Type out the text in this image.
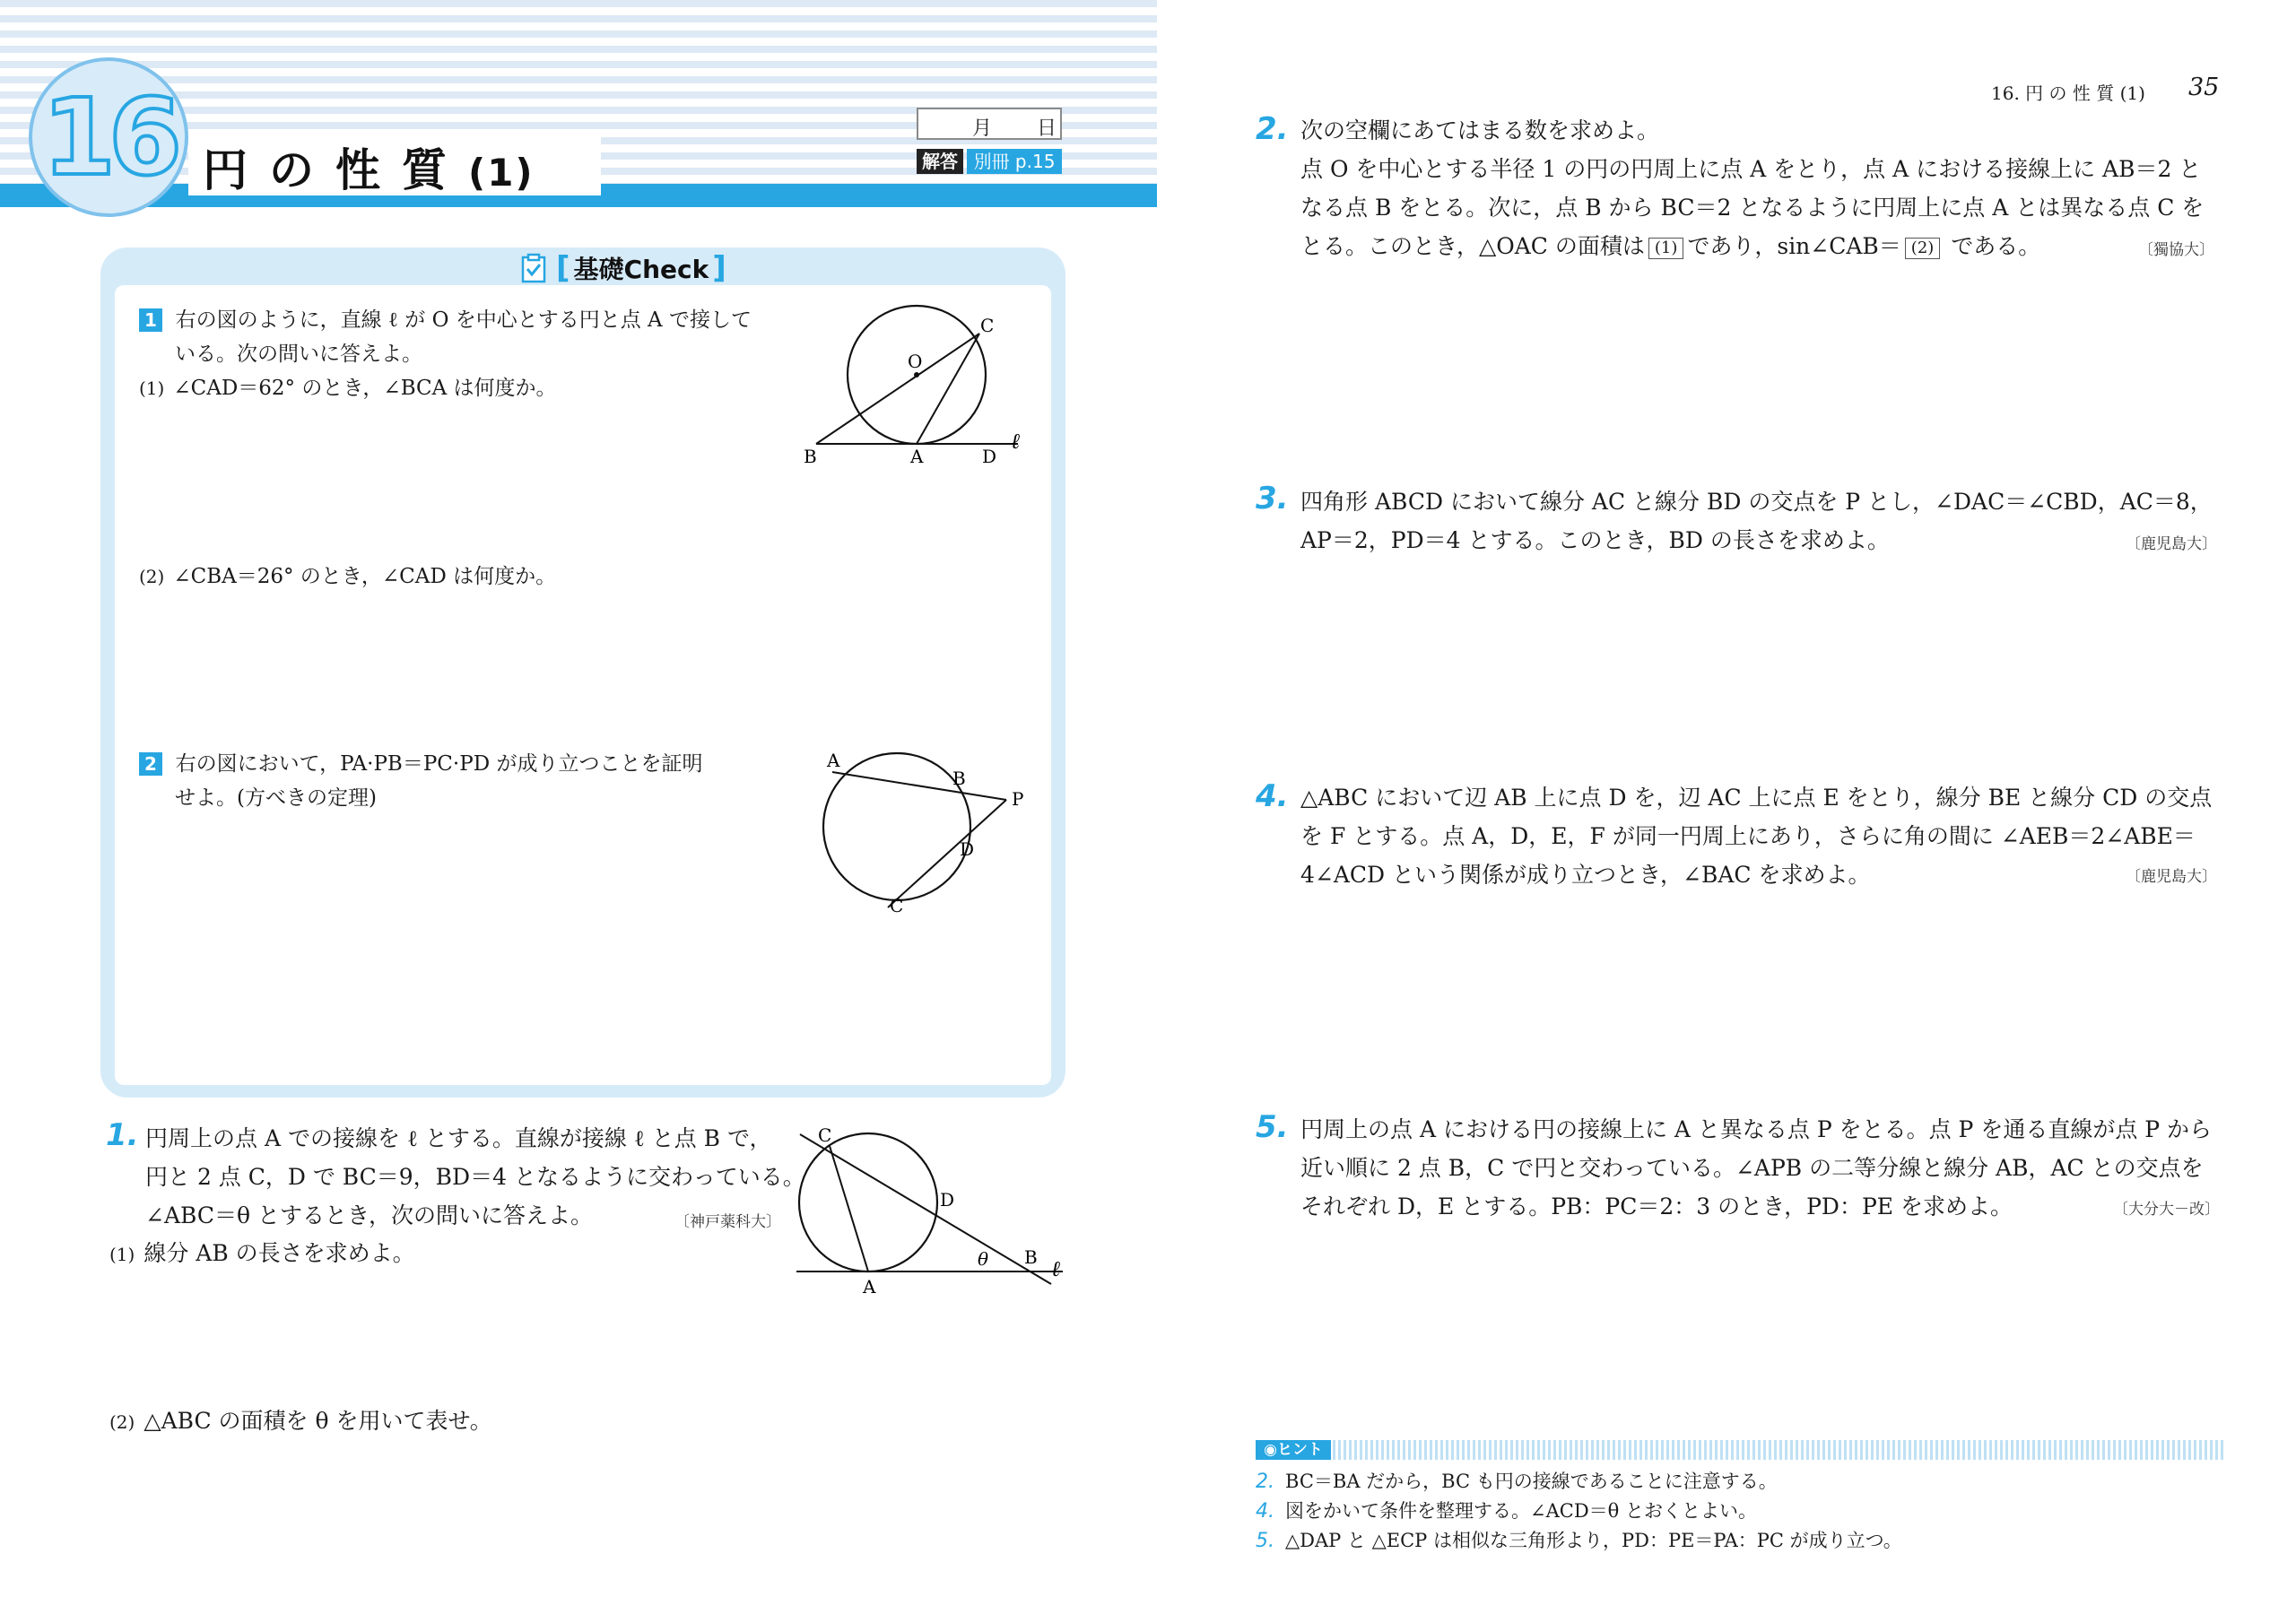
16 円の性質(1)
月 日
解答 別冊 p.15
[ 基礎Check ]
1 右の図のように，直線 ℓ が O を中心とする円と点 A で接して
いる。次の問いに答えよ。
(1) ∠CAD＝62° のとき，∠BCA は何度か。
(2) ∠CBA＝26° のとき，∠CAD は何度か。
O
C
B	A	D
ℓ
2 右の図において，PA·PB＝PC·PD が成り立つことを証明
せよ。(方べきの定理)
A
B
P
D
C
1. 円周上の点 A での接線を ℓ とする。直線が接線 ℓ と点 B で，
円と 2 点 C，D で BC＝9，BD＝4 となるように交わっている。
∠ABC＝θ とするとき，次の問いに答えよ。	〔神戸薬科大〕
(1) 線分 AB の長さを求めよ。
(2) △ABC の面積を θ を用いて表せ。
C
D
A
B
θ	ℓ
16. 円 の 性 質 (1) 35
2. 次の空欄にあてはまる数を求めよ。
点 O を中心とする半径 1 の円の円周上に点 A をとり，点 A における接線上に AB＝2 と
なる点 B をとる。次に，点 B から BC＝2 となるように円周上に点 A とは異なる点 C を
とる。このとき，△OAC の面積は (1) であり，sin∠CAB＝ (2) である。	〔獨協大〕
3. 四角形 ABCD において線分 AC と線分 BD の交点を P とし，∠DAC＝∠CBD，AC＝8，
AP＝2，PD＝4 とする。このとき，BD の長さを求めよ。	〔鹿児島大〕
4. △ABC において辺 AB 上に点 D を，辺 AC 上に点 E をとり，線分 BE と線分 CD の交点
を F とする。点 A，D，E，F が同一円周上にあり，さらに角の間に ∠AEB＝2∠ABE＝
4∠ACD という関係が成り立つとき，∠BAC を求めよ。	〔鹿児島大〕
5. 円周上の点 A における円の接線上に A と異なる点 P をとる。点 P を通る直線が点 P から
近い順に 2 点 B，C で円と交わっている。∠APB の二等分線と線分 AB，AC との交点を
それぞれ D，E とする。PB：PC＝2：3 のとき，PD：PE を求めよ。	〔大分大－改〕
◉ヒント
2. BC＝BA だから，BC も円の接線であることに注意する。
4. 図をかいて条件を整理する。∠ACD＝θ とおくとよい。
5. △DAP と △ECP は相似な三角形より，PD：PE＝PA：PC が成り立つ。
